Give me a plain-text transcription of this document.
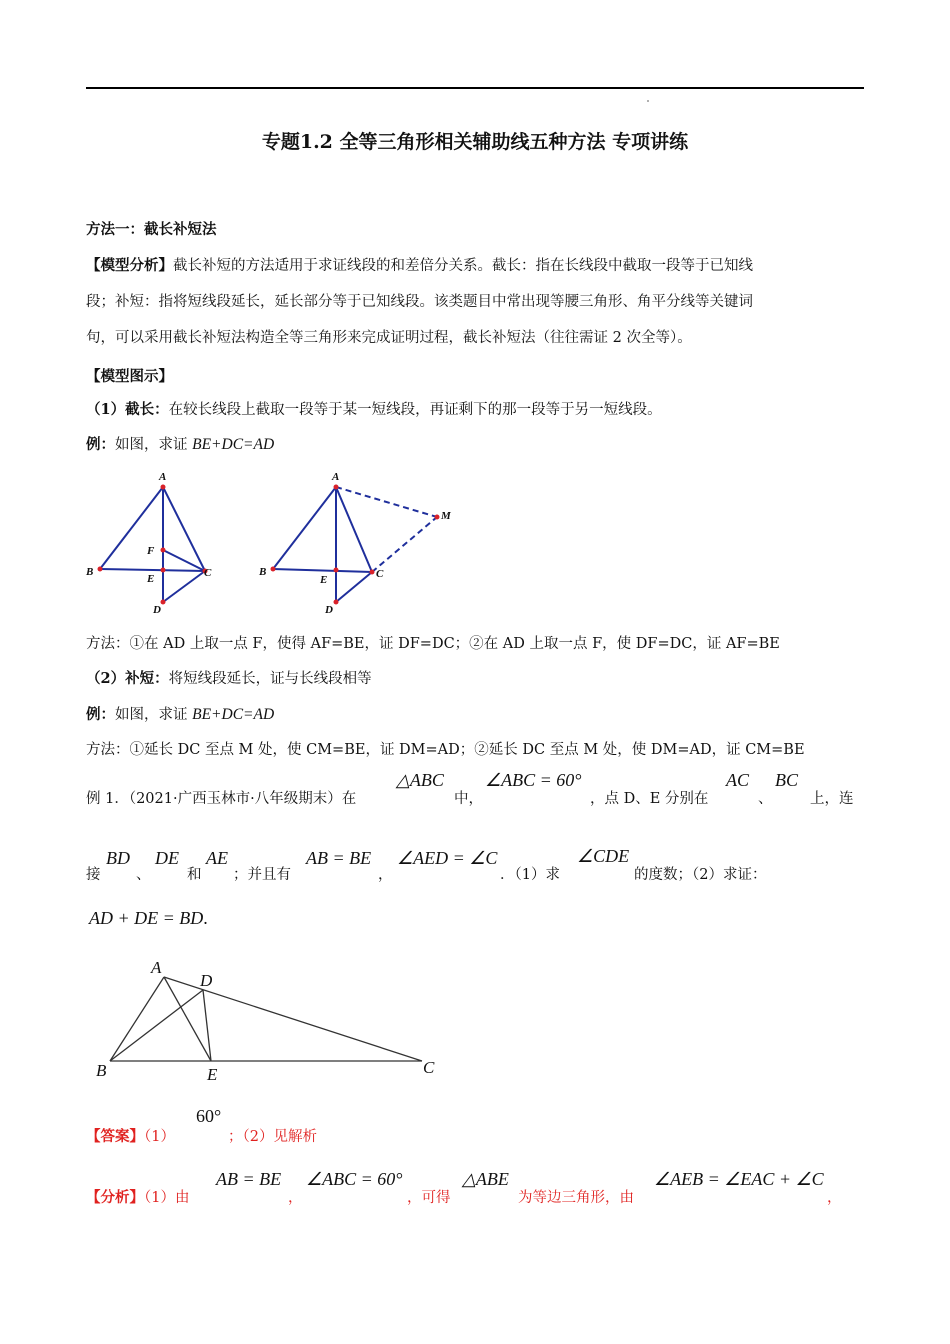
专题1.2 全等三角形相关辅助线五种方法 专项讲练
方法一：截长补短法
【模型分析】截长补短的方法适用于求证线段的和差倍分关系。截长：指在长线段中截取一段等于已知线
段；补短：指将短线段延长，延长部分等于已知线段。该类题目中常出现等腰三角形、角平分线等关键词
句，可以采用截长补短法构造全等三角形来完成证明过程，截长补短法（往往需证 2 次全等）。
【模型图示】
（1）截长：在较长线段上截取一段等于某一短线段，再证剩下的那一段等于另一短线段。
例：如图，求证 BE+DC=AD
A
B	C
D
E
F
A
B	C
D
E
M
方法：①在 AD 上取一点 F，使得 AF=BE，证 DF=DC；②在 AD 上取一点 F，使 DF=DC，证 AF=BE
（2）补短：将短线段延长，证与长线段相等
例：如图，求证 BE+DC=AD
方法：①延长 DC 至点 M 处，使 CM=BE，证 DM=AD；②延长 DC 至点 M 处，使 DM=AD，证 CM=BE
例 1．（2021·广西玉林市·八年级期末）在
△ABC
中，
∠ABC = 60°
，点 D、E 分别在
AC
、
BC
上，连
接
BD
、
DE
和
AE
；并且有
AB = BE
，
∠AED = ∠C
．（1）求
∠CDE
的度数；（2）求证：
AD + DE = BD.
A
D
B	E	C
【答案】（1）
60°
；（2）见解析
【分析】（1）由
AB = BE
，
∠ABC = 60°
，可得
△ABE
为等边三角形，由
∠AEB = ∠EAC + ∠C
，
